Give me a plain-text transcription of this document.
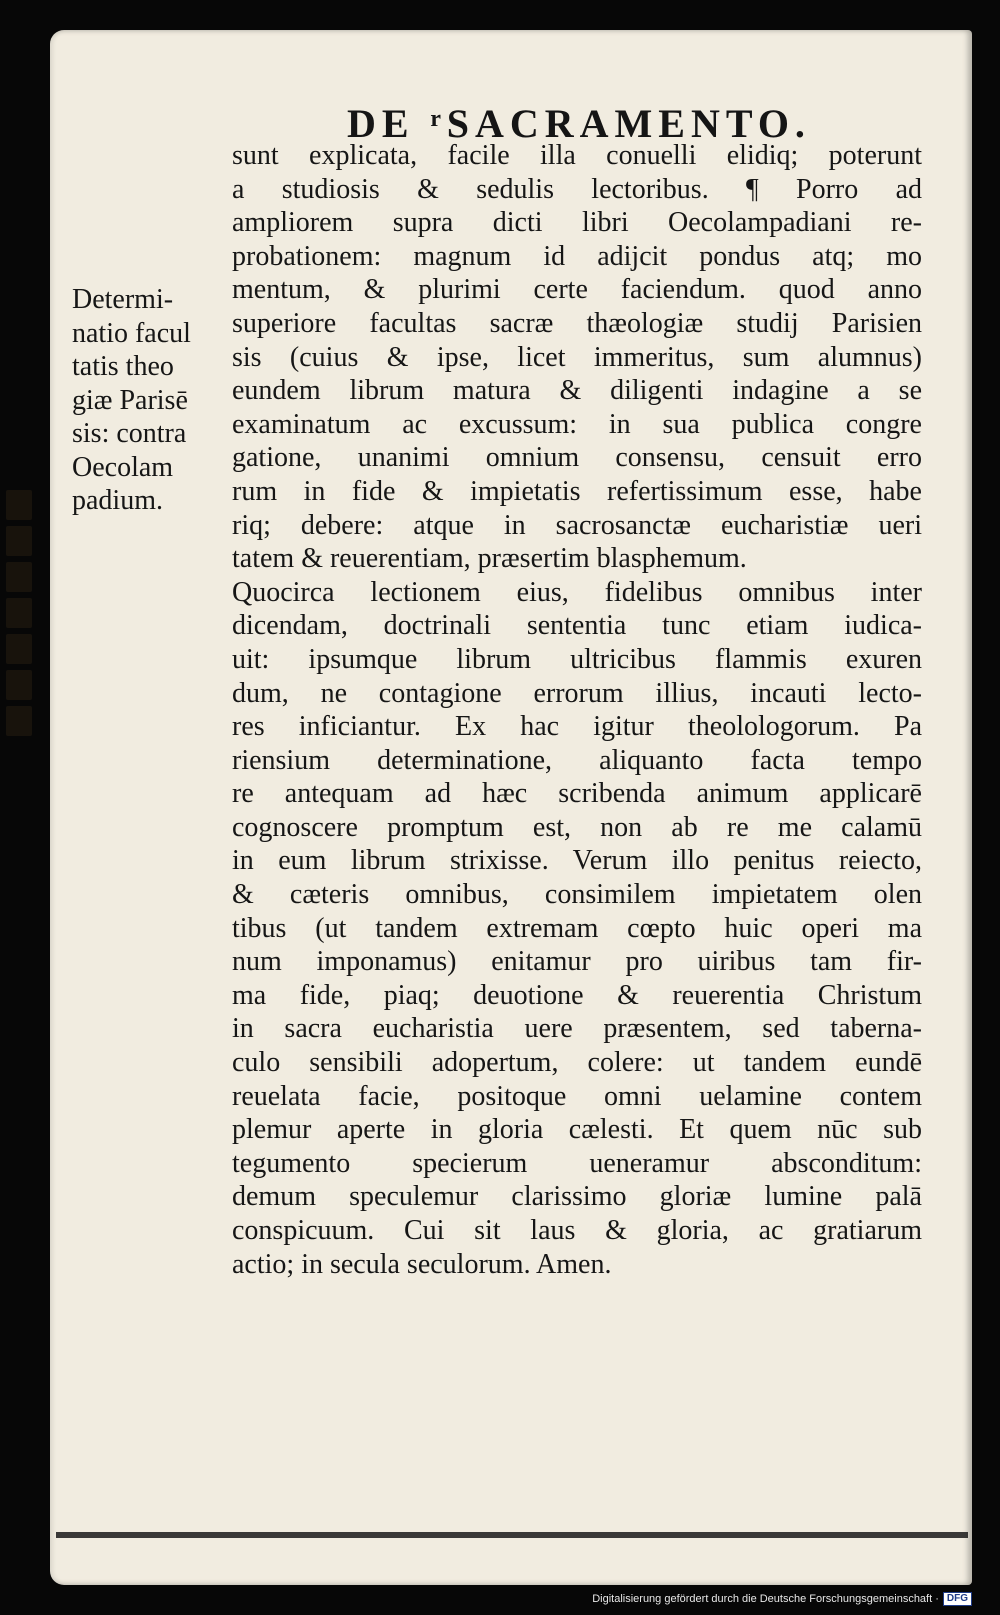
DE ʳSACRAMENTO.
Determi-
natio facul
tatis theo
giæ Parisē
sis: contra
Oecolam
padium.
sunt explicata, facile illa conuelli elidiq; poterunt
a studiosis & sedulis lectoribus. ¶ Porro ad
ampliorem supra dicti libri Oecolampadiani re-
probationem: magnum id adijcit pondus atq; mo
mentum, & plurimi certe faciendum. quod anno
superiore facultas sacræ thæologiæ studij Parisien
sis (cuius & ipse, licet immeritus, sum alumnus)
eundem librum matura & diligenti indagine a se
examinatum ac excussum: in sua publica congre
gatione, unanimi omnium consensu, censuit erro
rum in fide & impietatis refertissimum esse, habe
riq; debere: atque in sacrosanctæ eucharistiæ ueri
tatem & reuerentiam, præsertim blasphemum.
Quocirca lectionem eius, fidelibus omnibus inter
dicendam, doctrinali sententia tunc etiam iudica-
uit: ipsumque librum ultricibus flammis exuren
dum, ne contagione errorum illius, incauti lecto-
res inficiantur. Ex hac igitur theolologorum. Pa
riensium determinatione, aliquanto facta tempo
re antequam ad hæc scribenda animum applicarē
cognoscere promptum est, non ab re me calamū
in eum librum strixisse. Verum illo penitus reiecto,
& cæteris omnibus, consimilem impietatem olen
tibus (ut tandem extremam cœpto huic operi ma
num imponamus) enitamur pro uiribus tam fir-
ma fide, piaq; deuotione & reuerentia Christum
in sacra eucharistia uere præsentem, sed taberna-
culo sensibili adopertum, colere: ut tandem eundē
reuelata facie, positoque omni uelamine contem
plemur aperte in gloria cælesti. Et quem nūc sub
tegumento specierum ueneramur absconditum:
demum speculemur clarissimo gloriæ lumine palā
conspicuum. Cui sit laus & gloria, ac gratiarum
actio; in secula seculorum. Amen.
Digitalisierung gefördert durch die Deutsche Forschungsgemeinschaft · DFG
